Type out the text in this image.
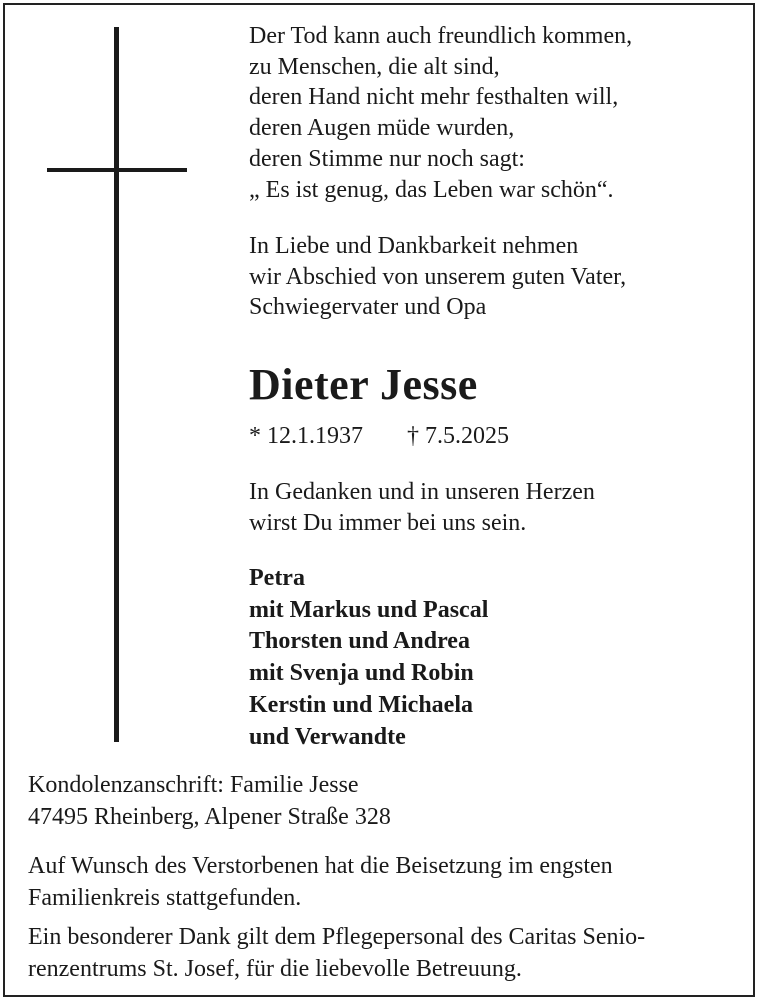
Der Tod kann auch freundlich kommen,
zu Menschen, die alt sind,
deren Hand nicht mehr festhalten will,
deren Augen müde wurden,
deren Stimme nur noch sagt:
„ Es ist genug, das Leben war schön“.
In Liebe und Dankbarkeit nehmen
wir Abschied von unserem guten Vater,
Schwiegervater und Opa
Dieter Jesse
* 12.1.1937 † 7.5.2025
In Gedanken und in unseren Herzen
wirst Du immer bei uns sein.
Petra
mit Markus und Pascal
Thorsten und Andrea
mit Svenja und Robin
Kerstin und Michaela
und Verwandte
Kondolenzanschrift: Familie Jesse
47495 Rheinberg, Alpener Straße 328
Auf Wunsch des Verstorbenen hat die Beisetzung im engsten
Familienkreis stattgefunden.
Ein besonderer Dank gilt dem Pflegepersonal des Caritas Senio-
renzentrums St. Josef, für die liebevolle Betreuung.
